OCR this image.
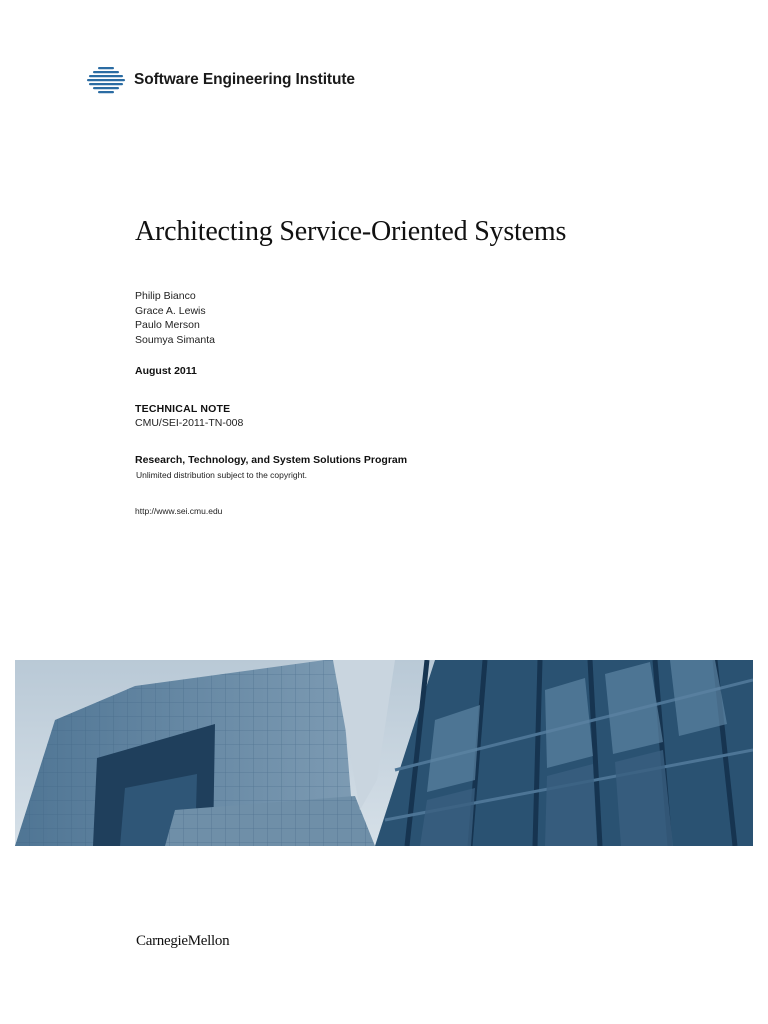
Software Engineering Institute
Architecting Service-Oriented Systems
Philip Bianco
Grace A. Lewis
Paulo Merson
Soumya Simanta
August 2011
TECHNICAL NOTE
CMU/SEI-2011-TN-008
Research, Technology, and System Solutions Program
Unlimited distribution subject to the copyright.
http://www.sei.cmu.edu
CarnegieMellon
